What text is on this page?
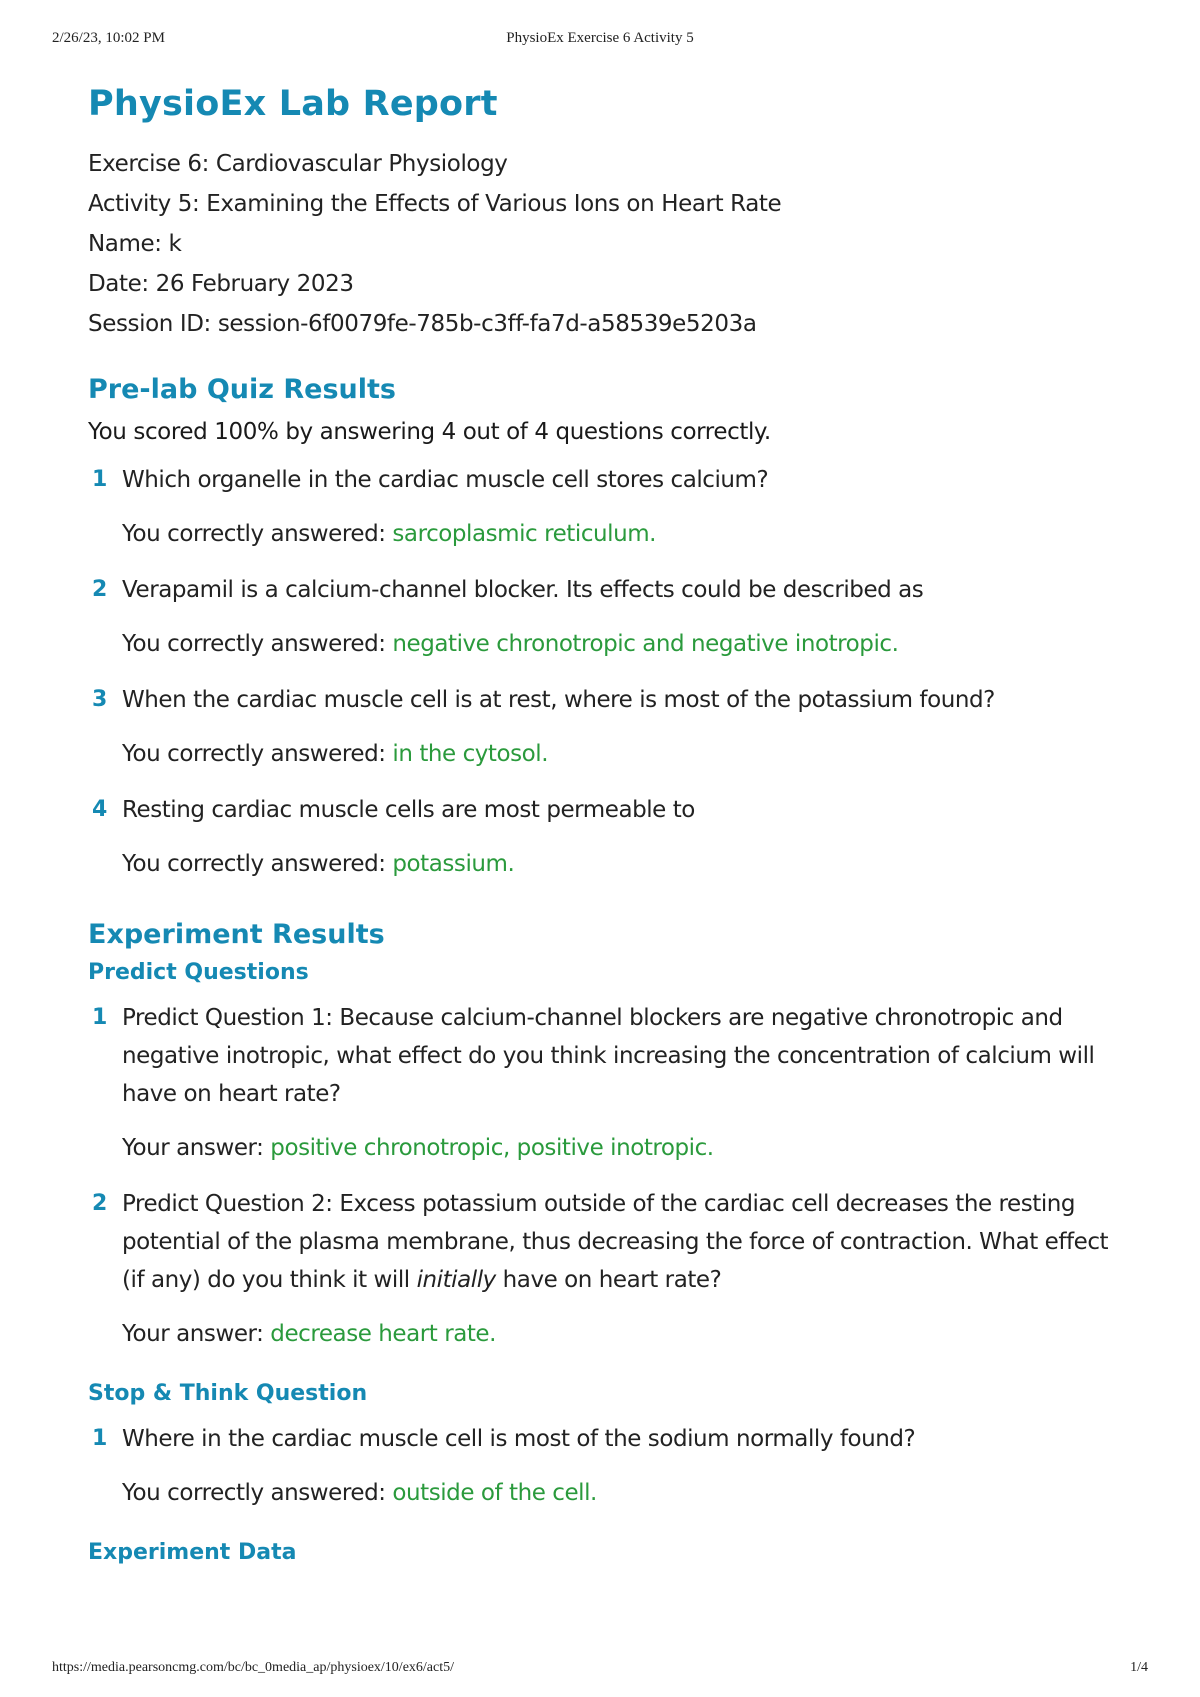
2/26/23, 10:02 PM	PhysioEx Exercise 6 Activity 5
PhysioEx Lab Report
Exercise 6: Cardiovascular Physiology
Activity 5: Examining the Effects of Various Ions on Heart Rate
Name: k
Date: 26 February 2023
Session ID: session-6f0079fe-785b-c3ff-fa7d-a58539e5203a
Pre-lab Quiz Results
You scored 100% by answering 4 out of 4 questions correctly.
1 Which organelle in the cardiac muscle cell stores calcium?
You correctly answered: sarcoplasmic reticulum.
2 Verapamil is a calcium-channel blocker. Its effects could be described as
You correctly answered: negative chronotropic and negative inotropic.
3 When the cardiac muscle cell is at rest, where is most of the potassium found?
You correctly answered: in the cytosol.
4 Resting cardiac muscle cells are most permeable to
You correctly answered: potassium.
Experiment Results
Predict Questions
1 Predict Question 1: Because calcium-channel blockers are negative chronotropic and negative inotropic, what effect do you think increasing the concentration of calcium will have on heart rate?
Your answer: positive chronotropic, positive inotropic.
2 Predict Question 2: Excess potassium outside of the cardiac cell decreases the resting potential of the plasma membrane, thus decreasing the force of contraction. What effect (if any) do you think it will initially have on heart rate?
Your answer: decrease heart rate.
Stop & Think Question
1 Where in the cardiac muscle cell is most of the sodium normally found?
You correctly answered: outside of the cell.
Experiment Data
https://media.pearsoncmg.com/bc/bc_0media_ap/physioex/10/ex6/act5/	1/4
